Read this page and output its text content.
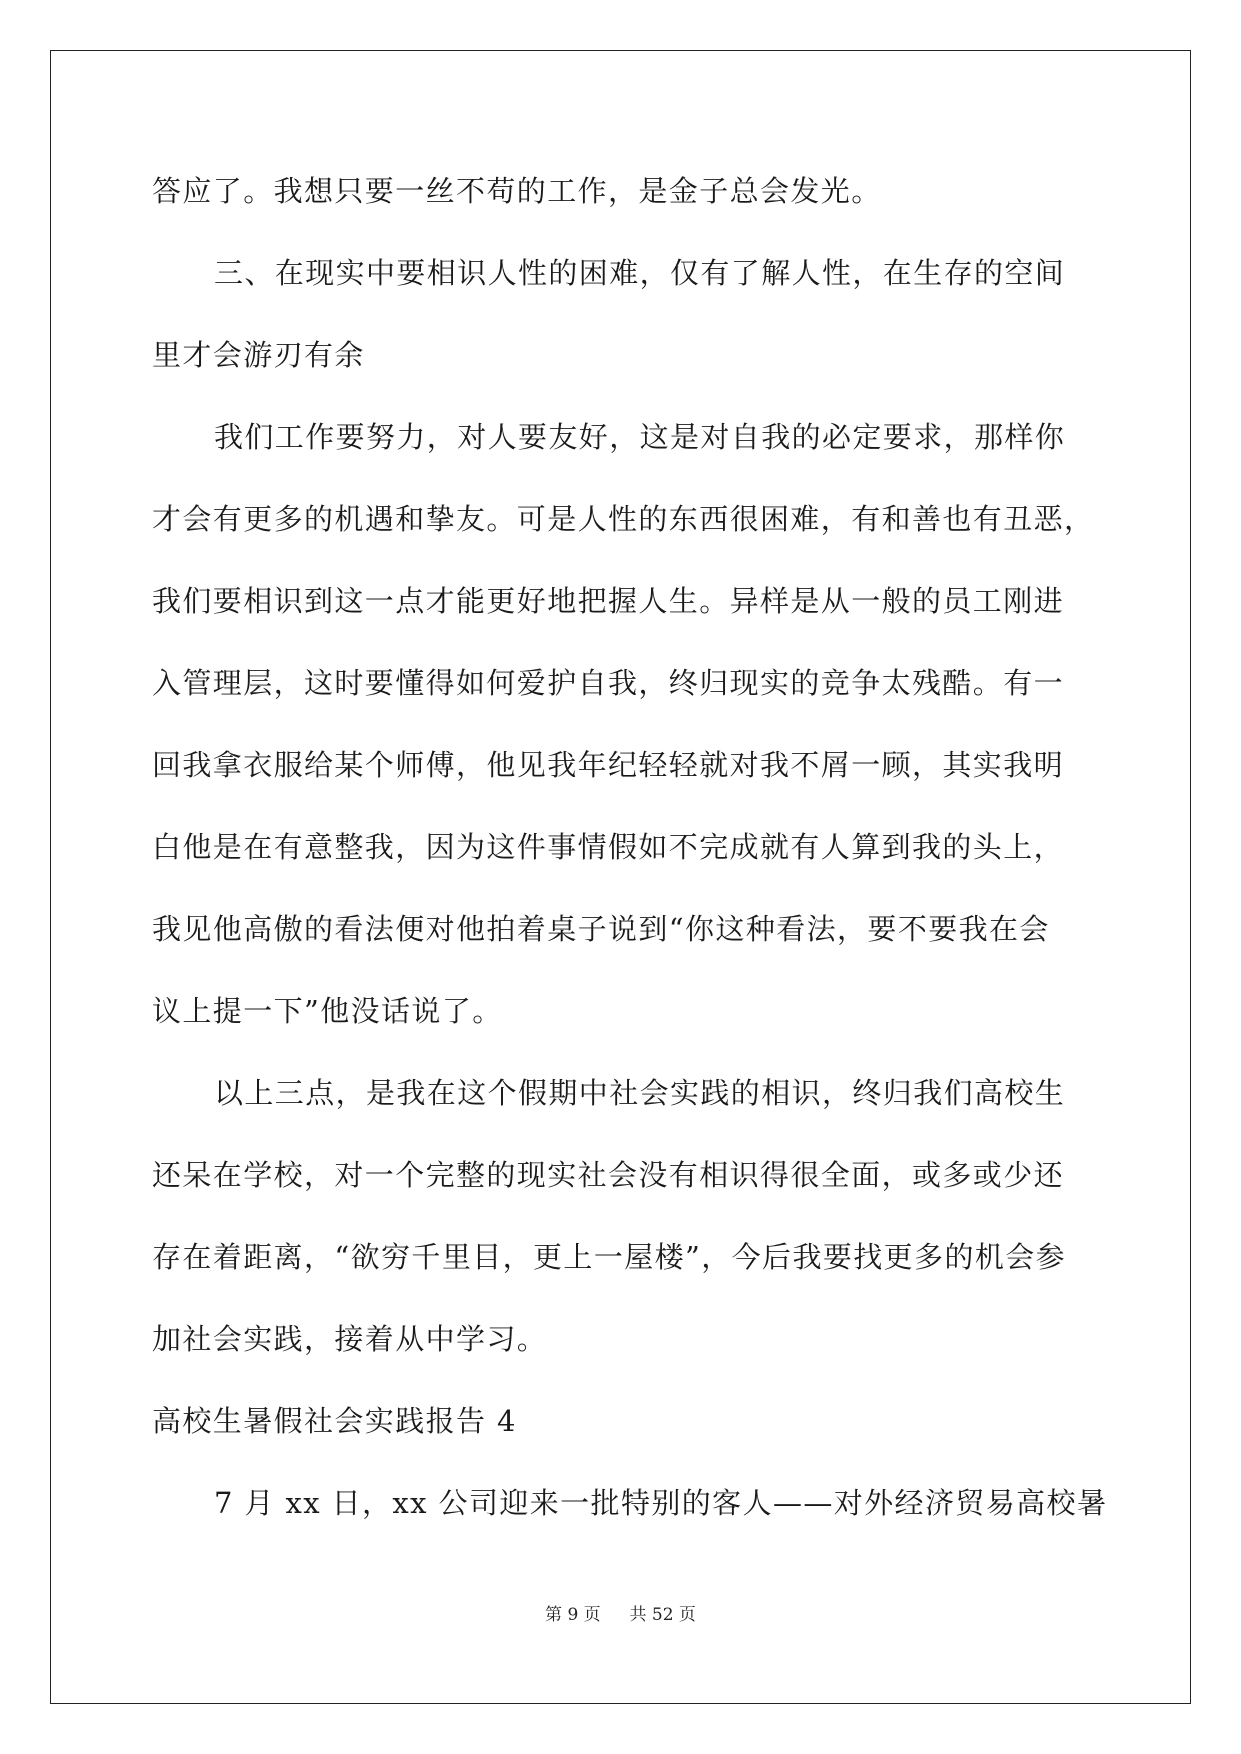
答应了。我想只要一丝不苟的工作，是金子总会发光。
三、在现实中要相识人性的困难，仅有了解人性，在生存的空间
里才会游刃有余
我们工作要努力，对人要友好，这是对自我的必定要求，那样你
才会有更多的机遇和挚友。可是人性的东西很困难，有和善也有丑恶，
我们要相识到这一点才能更好地把握人生。异样是从一般的员工刚进
入管理层，这时要懂得如何爱护自我，终归现实的竞争太残酷。有一
回我拿衣服给某个师傅，他见我年纪轻轻就对我不屑一顾，其实我明
白他是在有意整我，因为这件事情假如不完成就有人算到我的头上，
我见他高傲的看法便对他拍着桌子说到“你这种看法，要不要我在会
议上提一下”他没话说了。
以上三点，是我在这个假期中社会实践的相识，终归我们高校生
还呆在学校，对一个完整的现实社会没有相识得很全面，或多或少还
存在着距离，“欲穷千里目，更上一屋楼”，今后我要找更多的机会参
加社会实践，接着从中学习。
高校生暑假社会实践报告 4
7 月 xx 日，xx 公司迎来一批特别的客人——对外经济贸易高校暑
第 9 页 共 52 页
